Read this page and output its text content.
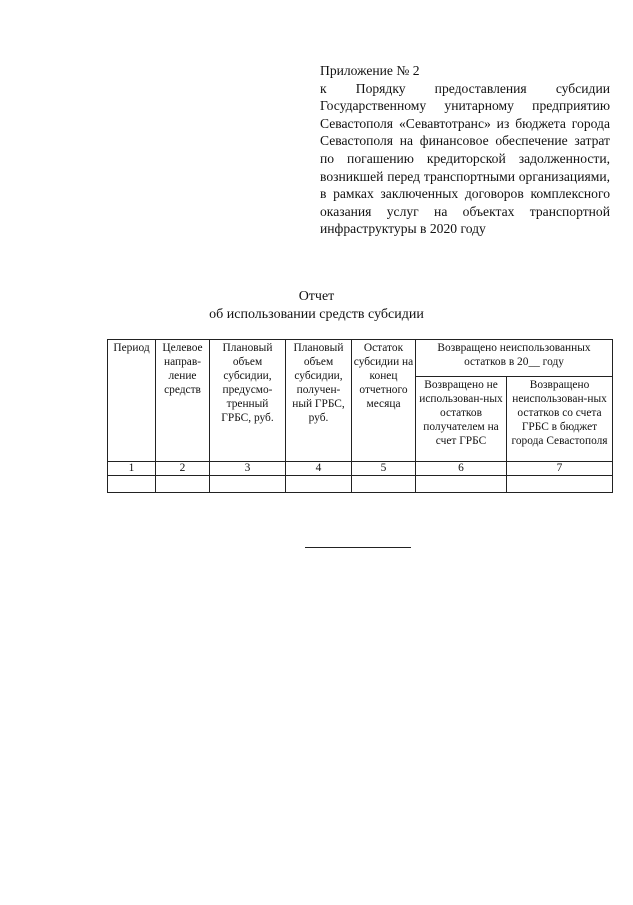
Приложение № 2
к Порядку предоставления субсидии Государственному унитарному предприятию Севастополя «Севавтотранс» из бюджета города Севастополя на финансовое обеспечение затрат по погашению кредиторской задолженности, возникшей перед транспортными организациями, в рамках заключенных договоров комплексного оказания услуг на объектах транспортной инфраструктуры в 2020 году
Отчет
об использовании средств субсидии
Период	Целевое направ-ление средств	Плановый объем субсидии, предусмо-тренный ГРБС, руб.	Плановый объем субсидии, получен-ный ГРБС, руб.	Остаток субсидии на конец отчетного месяца	Возвращено неиспользованных остатков в 20__ году	
					Возвращено не использован-ных остатков получателем на счет ГРБС	Возвращено неиспользован-ных остатков со счета ГРБС в бюджет города Севастополя
1	2	3	4	5	6	7
